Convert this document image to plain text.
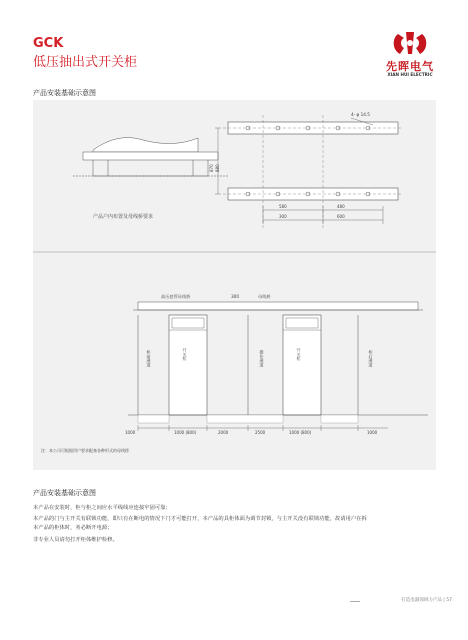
GCK
低压抽出式开关柜	先晖电气
XIAN HUI ELECTRIC
产品安装基础示意图
产品户内布置及母线桥要求
4- φ 14.5
870 880
580	480
300	600
高压套管母线桥	300	母线桥
柜前通道	开关柜	操作通道	开关柜	柜后通道
1000	1000 (800)	2000	2500	1000 (800)	1000
注：本公司可根据用户要求配备各种形式的母线桥
产品安装基础示意图
本产品在安装时，柜与柜之间应水平线线应连接牢固可靠；
本产品的门与主开关有联锁功能，即只有在断电的情况下门才可能打开，本产品的具柜体面为调节封锁，与主开关没有联锁功能，故请用户在拆
本产品的柜体时，务必断开电源；
非专业人员请勿打开柜体维护检修。
打造电器领域力产品 | 57
